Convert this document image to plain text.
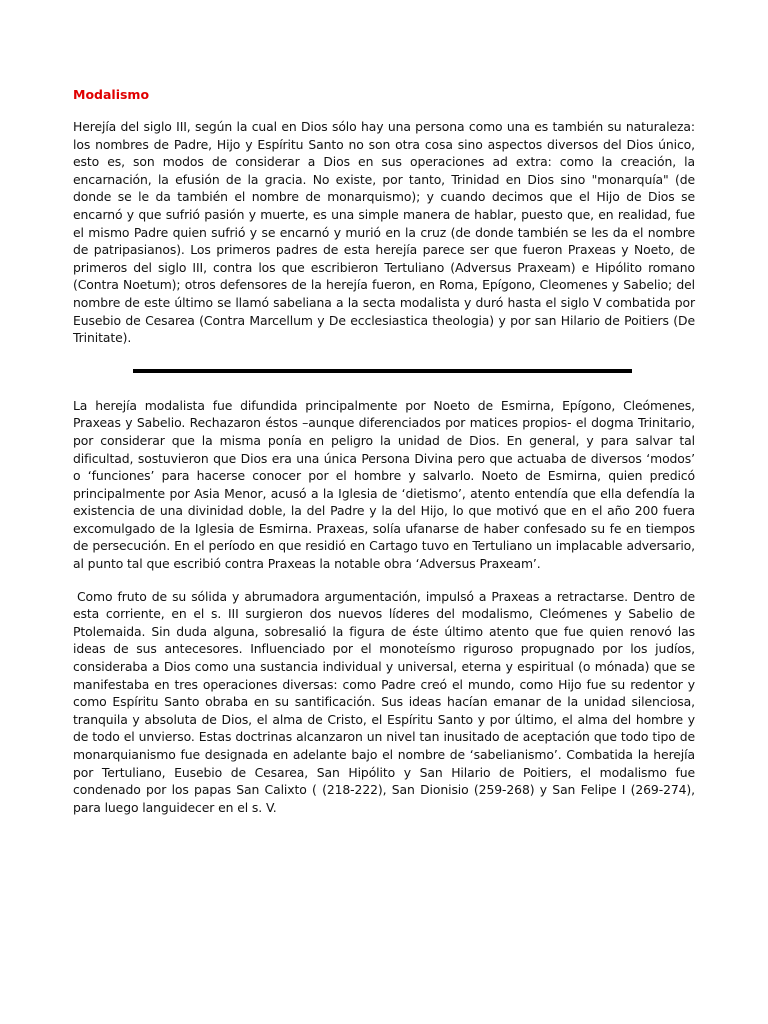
Modalismo

Herejía del siglo III, según la cual en Dios sólo hay una persona como una es también su naturaleza: los nombres de Padre, Hijo y Espíritu Santo no son otra cosa sino aspectos diversos del Dios único, esto es, son modos de considerar a Dios en sus operaciones ad extra: como la creación, la encarnación, la efusión de la gracia. No existe, por tanto, Trinidad en Dios sino "monarquía" (de donde se le da también el nombre de monarquismo); y cuando decimos que el Hijo de Dios se encarnó y que sufrió pasión y muerte, es una simple manera de hablar, puesto que, en realidad, fue el mismo Padre quien sufrió y se encarnó y murió en la cruz (de donde también se les da el nombre de patripasianos). Los primeros padres de esta herejía parece ser que fueron Praxeas y Noeto, de primeros del siglo III, contra los que escribieron Tertuliano (Adversus Praxeam) e Hipólito romano (Contra Noetum); otros defensores de la herejía fueron, en Roma, Epígono, Cleomenes y Sabelio; del nombre de este último se llamó sabeliana a la secta modalista y duró hasta el siglo V combatida por Eusebio de Cesarea (Contra Marcellum y De ecclesiastica theologia) y por san Hilario de Poitiers (De Trinitate).

La herejía modalista fue difundida principalmente por Noeto de Esmirna, Epígono, Cleómenes, Praxeas y Sabelio. Rechazaron éstos –aunque diferenciados por matices propios- el dogma Trinitario, por considerar que la misma ponía en peligro la unidad de Dios. En general, y para salvar tal dificultad, sostuvieron que Dios era una única Persona Divina pero que actuaba de diversos ‘modos’ o ‘funciones’ para hacerse conocer por el hombre y salvarlo. Noeto de Esmirna, quien predicó principalmente por Asia Menor, acusó a la Iglesia de ‘dietismo’, atento entendía que ella defendía la existencia de una divinidad doble, la del Padre y la del Hijo, lo que motivó que en el año 200 fuera excomulgado de la Iglesia de Esmirna. Praxeas, solía ufanarse de haber confesado su fe en tiempos de persecución. En el período en que residió en Cartago tuvo en Tertuliano un implacable adversario, al punto tal que escribió contra Praxeas la notable obra ‘Adversus Praxeam’.

Como fruto de su sólida y abrumadora argumentación, impulsó a Praxeas a retractarse. Dentro de esta corriente, en el s. III surgieron dos nuevos líderes del modalismo, Cleómenes y Sabelio de Ptolemaida. Sin duda alguna, sobresalió la figura de éste último atento que fue quien renovó las ideas de sus antecesores. Influenciado por el monoteísmo riguroso propugnado por los judíos, consideraba a Dios como una sustancia individual y universal, eterna y espiritual (o mónada) que se manifestaba en tres operaciones diversas: como Padre creó el mundo, como Hijo fue su redentor y como Espíritu Santo obraba en su santificación. Sus ideas hacían emanar de la unidad silenciosa, tranquila y absoluta de Dios, el alma de Cristo, el Espíritu Santo y por último, el alma del hombre y de todo el unvierso. Estas doctrinas alcanzaron un nivel tan inusitado de aceptación que todo tipo de monarquianismo fue designada en adelante bajo el nombre de ‘sabelianismo’. Combatida la herejía por Tertuliano, Eusebio de Cesarea, San Hipólito y San Hilario de Poitiers, el modalismo fue condenado por los papas San Calixto ( (218-222), San Dionisio (259-268) y San Felipe I (269-274), para luego languidecer en el s. V.
